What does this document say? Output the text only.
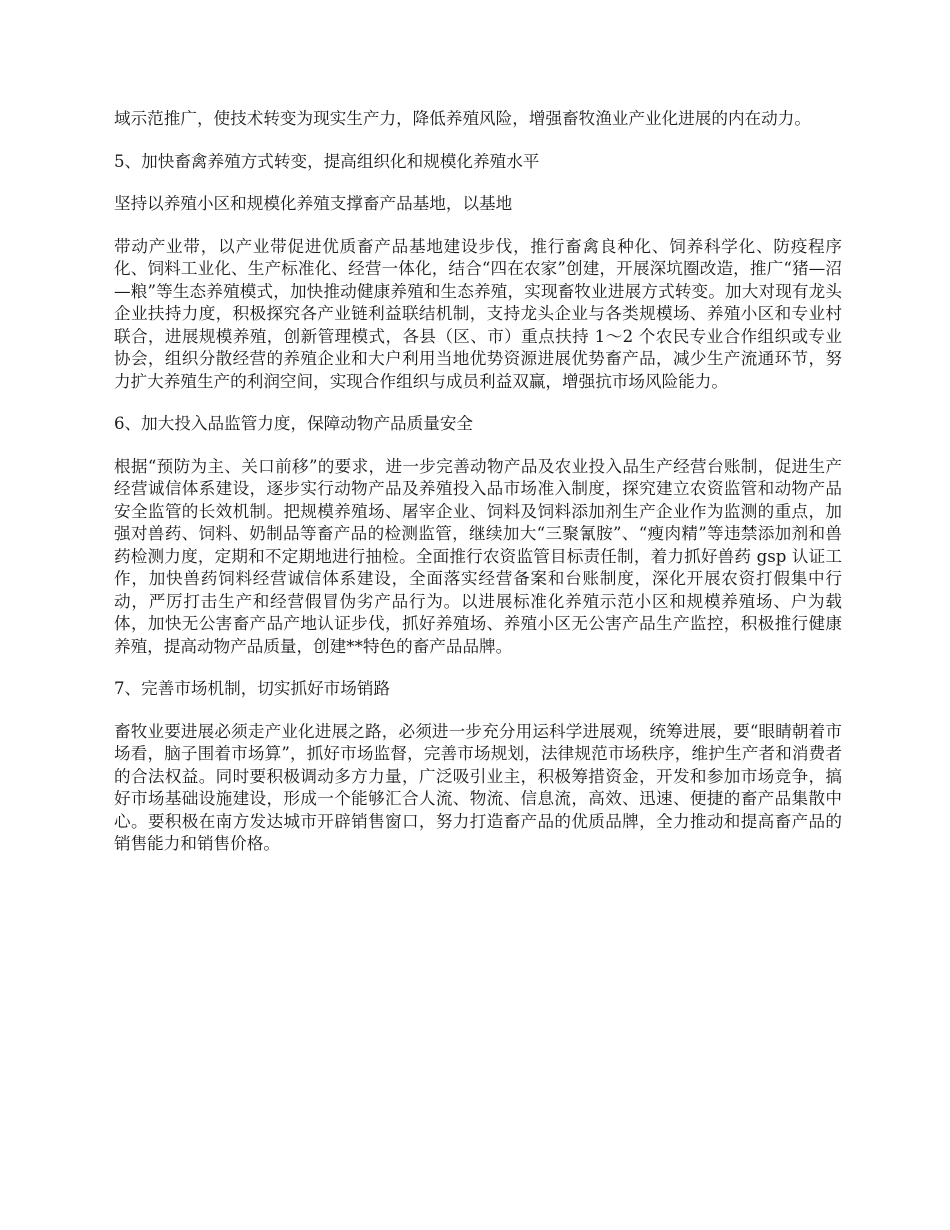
域示范推广，使技术转变为现实生产力，降低养殖风险，增强畜牧渔业产业化进展的内在动力。

5、加快畜禽养殖方式转变，提高组织化和规模化养殖水平

坚持以养殖小区和规模化养殖支撑畜产品基地，以基地

带动产业带，以产业带促进优质畜产品基地建设步伐，推行畜禽良种化、饲养科学化、防疫程序化、饲料工业化、生产标准化、经营一体化，结合“四在农家”创建，开展深坑圈改造，推广“猪—沼—粮”等生态养殖模式，加快推动健康养殖和生态养殖，实现畜牧业进展方式转变。加大对现有龙头企业扶持力度，积极探究各产业链利益联结机制，支持龙头企业与各类规模场、养殖小区和专业村联合，进展规模养殖，创新管理模式，各县（区、市）重点扶持 1～2 个农民专业合作组织或专业协会，组织分散经营的养殖企业和大户利用当地优势资源进展优势畜产品，减少生产流通环节，努力扩大养殖生产的利润空间，实现合作组织与成员利益双赢，增强抗市场风险能力。

6、加大投入品监管力度，保障动物产品质量安全

根据“预防为主、关口前移”的要求，进一步完善动物产品及农业投入品生产经营台账制，促进生产经营诚信体系建设，逐步实行动物产品及养殖投入品市场准入制度，探究建立农资监管和动物产品安全监管的长效机制。把规模养殖场、屠宰企业、饲料及饲料添加剂生产企业作为监测的重点，加强对兽药、饲料、奶制品等畜产品的检测监管，继续加大“三聚氰胺”、“瘦肉精”等违禁添加剂和兽药检测力度，定期和不定期地进行抽检。全面推行农资监管目标责任制，着力抓好兽药 gsp 认证工作，加快兽药饲料经营诚信体系建设，全面落实经营备案和台账制度，深化开展农资打假集中行动，严厉打击生产和经营假冒伪劣产品行为。以进展标准化养殖示范小区和规模养殖场、户为载体，加快无公害畜产品产地认证步伐，抓好养殖场、养殖小区无公害产品生产监控，积极推行健康养殖，提高动物产品质量，创建**特色的畜产品品牌。

7、完善市场机制，切实抓好市场销路

畜牧业要进展必须走产业化进展之路，必须进一步充分用运科学进展观，统筹进展，要“眼睛朝着市场看，脑子围着市场算”，抓好市场监督，完善市场规划，法律规范市场秩序，维护生产者和消费者的合法权益。同时要积极调动多方力量，广泛吸引业主，积极筹措资金，开发和参加市场竞争，搞好市场基础设施建设，形成一个能够汇合人流、物流、信息流，高效、迅速、便捷的畜产品集散中心。要积极在南方发达城市开辟销售窗口，努力打造畜产品的优质品牌，全力推动和提高畜产品的销售能力和销售价格。
